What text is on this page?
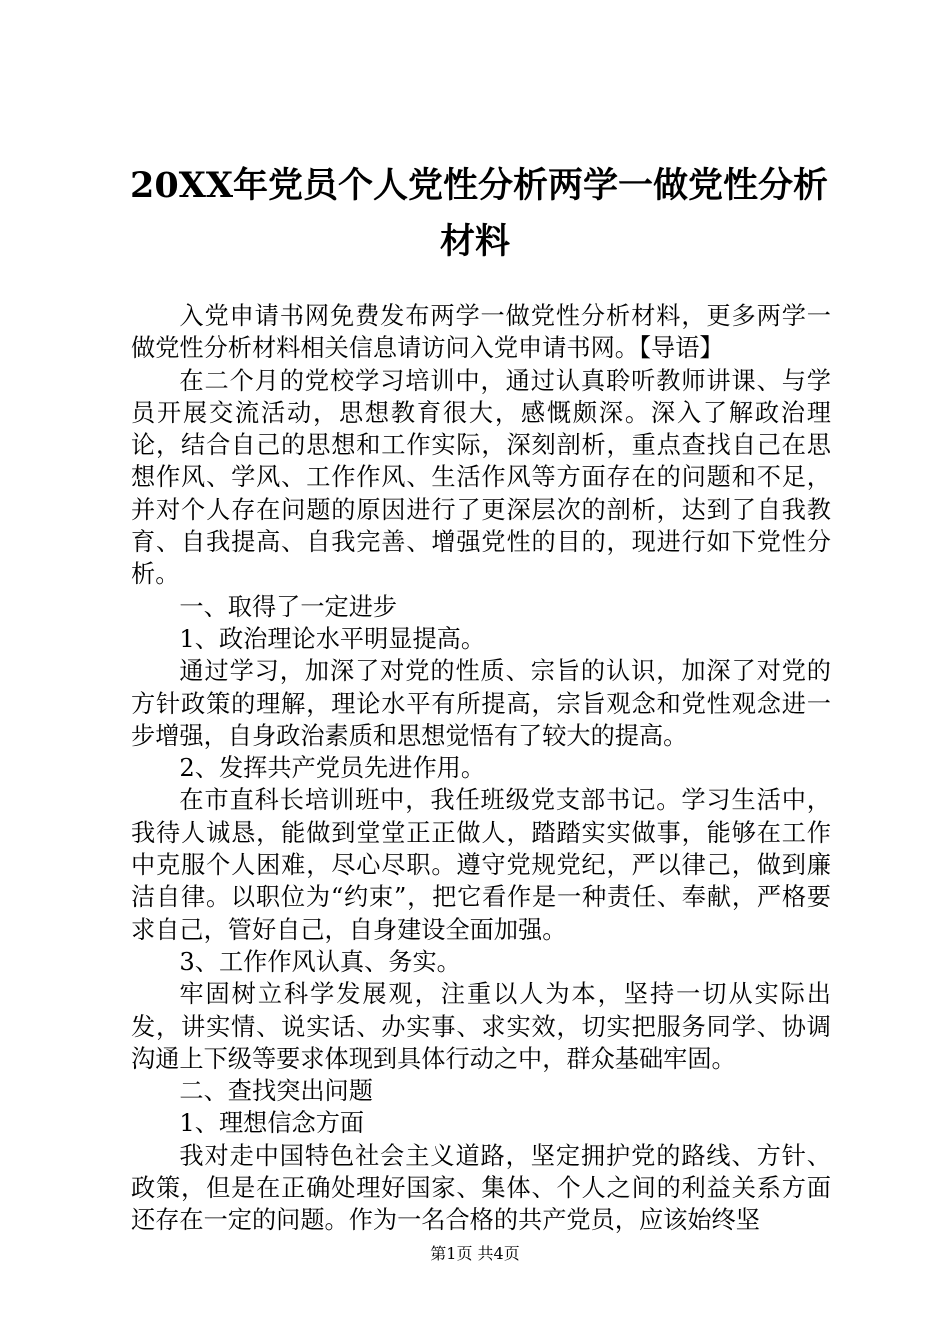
20XX年党员个人党性分析两学一做党性分析
材料

入党申请书网免费发布两学一做党性分析材料，更多两学一做党性分析材料相关信息请访问入党申请书网。【导语】

在二个月的党校学习培训中，通过认真聆听教师讲课、与学员开展交流活动，思想教育很大，感慨颇深。深入了解政治理论，结合自己的思想和工作实际，深刻剖析，重点查找自己在思想作风、学风、工作作风、生活作风等方面存在的问题和不足，并对个人存在问题的原因进行了更深层次的剖析，达到了自我教育、自我提高、自我完善、增强党性的目的，现进行如下党性分析。

一、取得了一定进步

1、政治理论水平明显提高。

通过学习，加深了对党的性质、宗旨的认识，加深了对党的方针政策的理解，理论水平有所提高，宗旨观念和党性观念进一步增强，自身政治素质和思想觉悟有了较大的提高。

2、发挥共产党员先进作用。

在市直科长培训班中，我任班级党支部书记。学习生活中，我待人诚恳，能做到堂堂正正做人，踏踏实实做事，能够在工作中克服个人困难，尽心尽职。遵守党规党纪，严以律己，做到廉洁自律。以职位为“约束”，把它看作是一种责任、奉献，严格要求自己，管好自己，自身建设全面加强。

3、工作作风认真、务实。

牢固树立科学发展观，注重以人为本，坚持一切从实际出发，讲实情、说实话、办实事、求实效，切实把服务同学、协调沟通上下级等要求体现到具体行动之中，群众基础牢固。

二、查找突出问题

1、理想信念方面

我对走中国特色社会主义道路，坚定拥护党的路线、方针、政策，但是在正确处理好国家、集体、个人之间的利益关系方面还存在一定的问题。作为一名合格的共产党员，应该始终坚

第1页 共4页
